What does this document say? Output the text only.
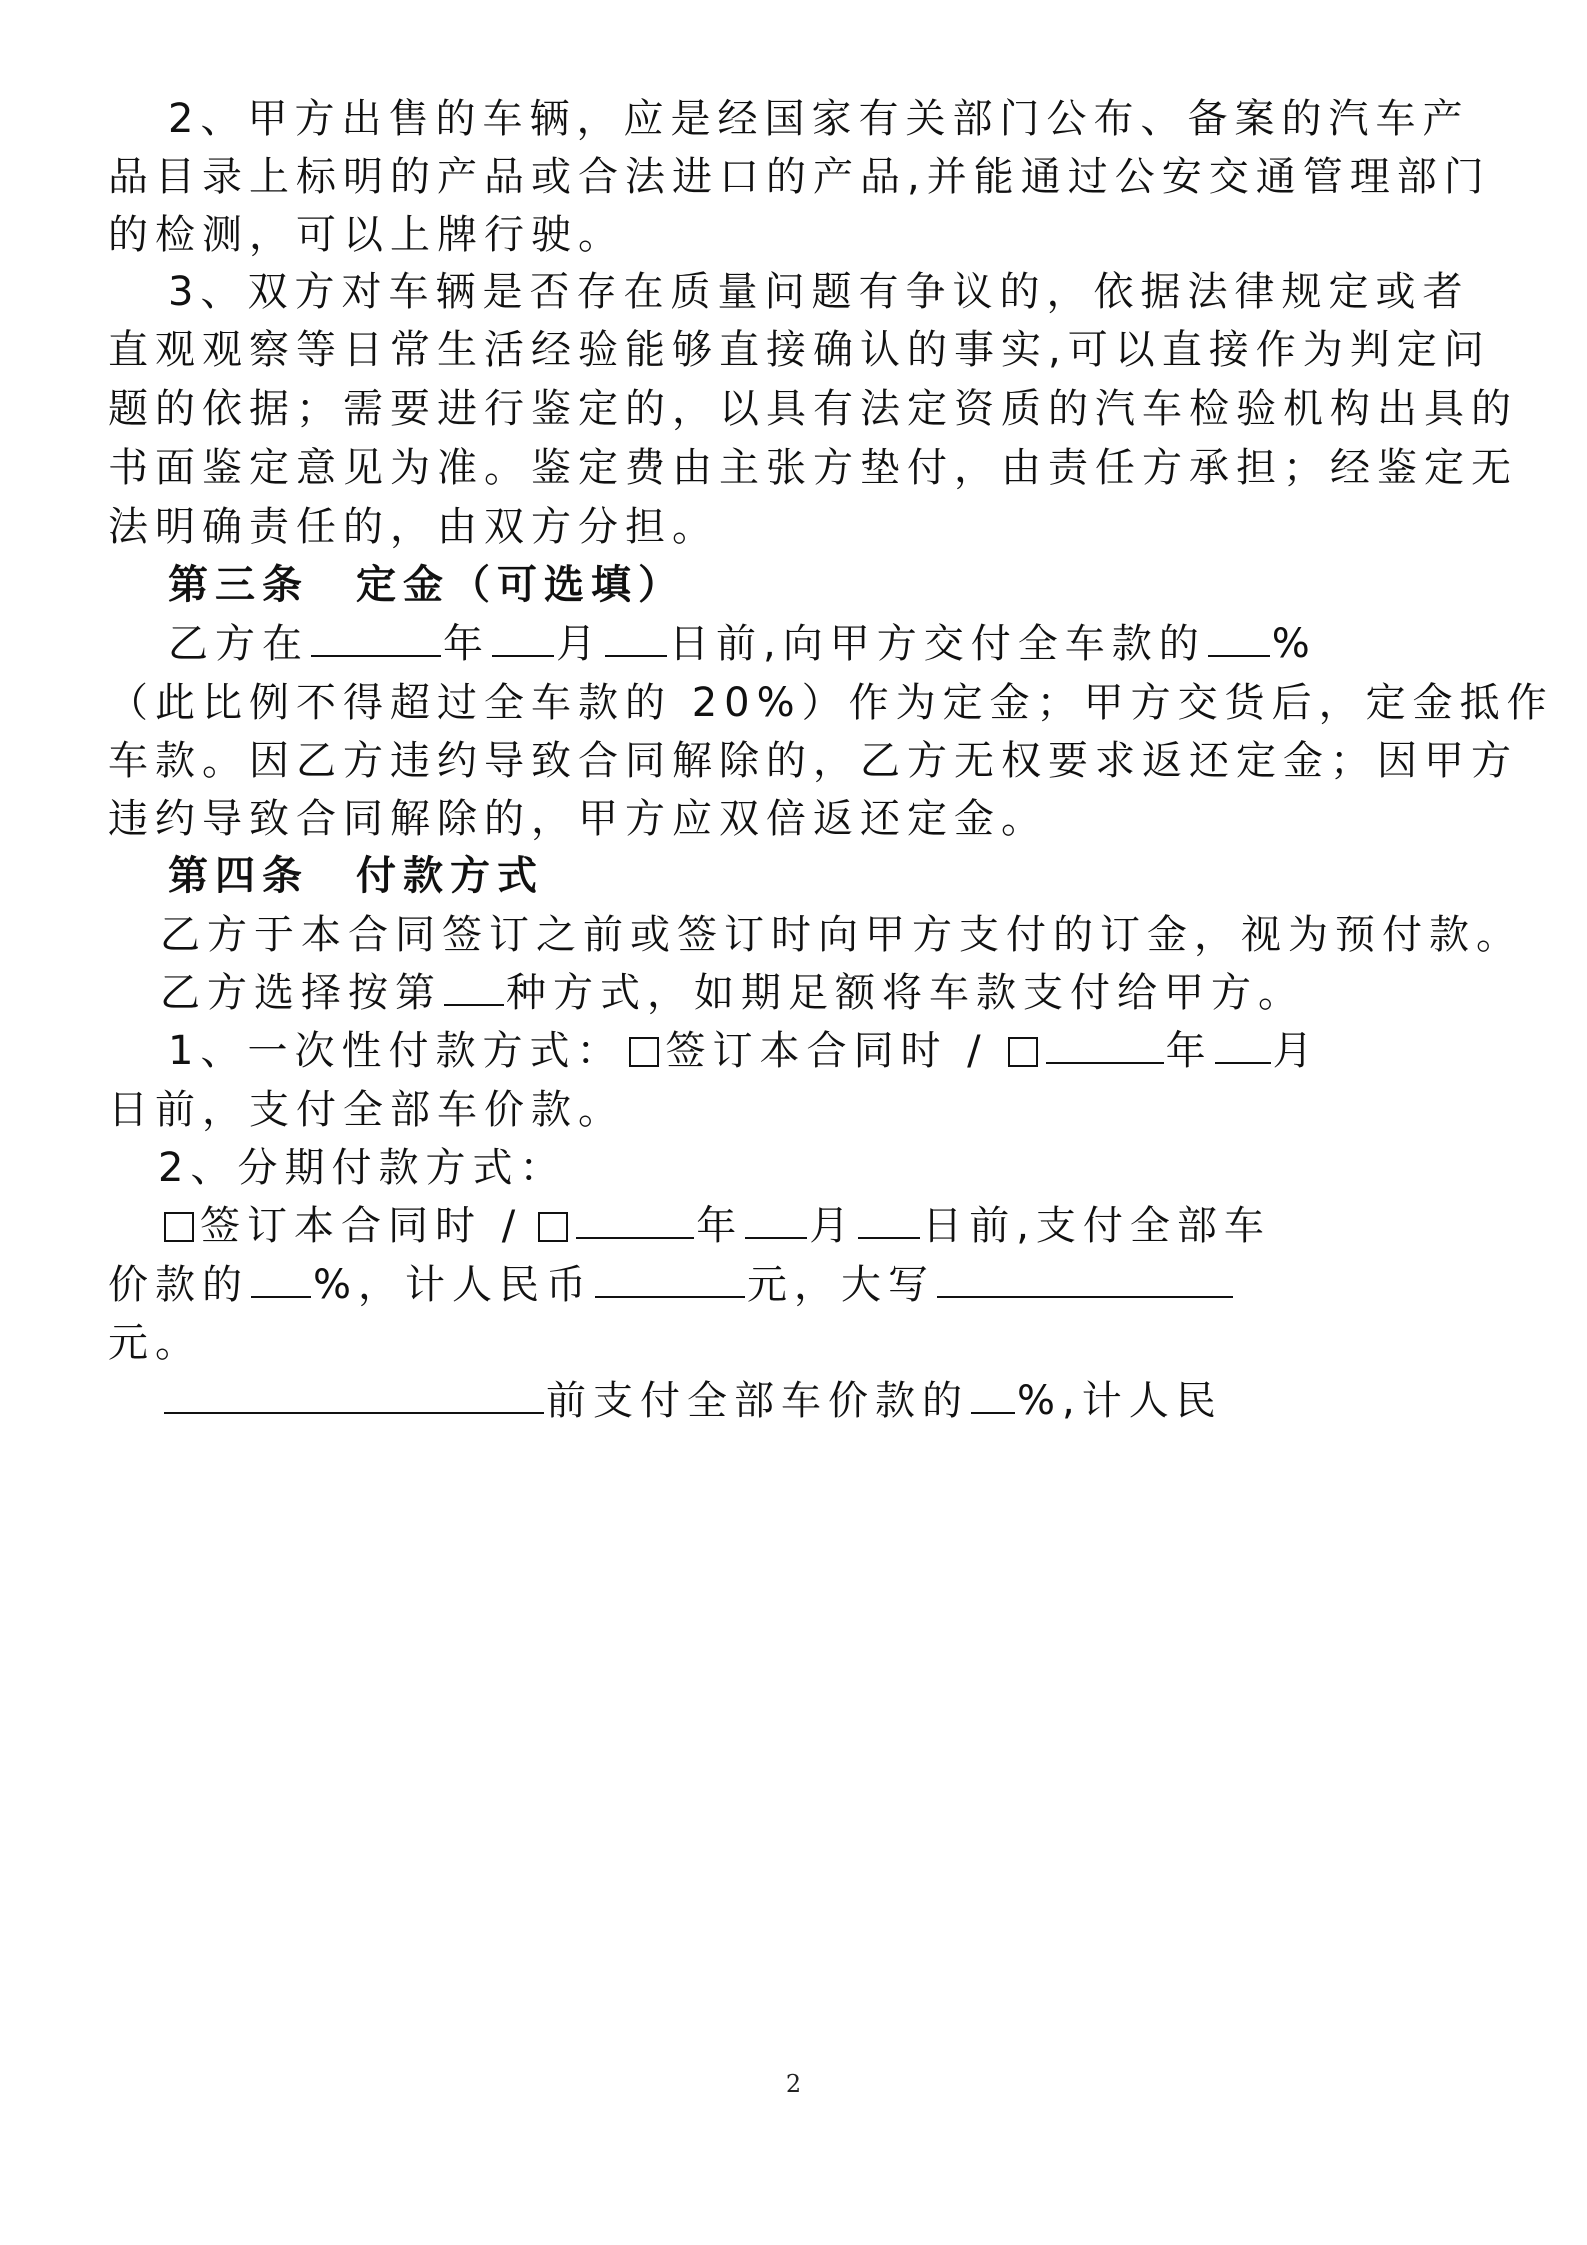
2、甲方出售的车辆，应是经国家有关部门公布、备案的汽车产
品目录上标明的产品或合法进口的产品,并能通过公安交通管理部门
的检测，可以上牌行驶。
3、双方对车辆是否存在质量问题有争议的，依据法律规定或者
直观观察等日常生活经验能够直接确认的事实,可以直接作为判定问
题的依据；需要进行鉴定的，以具有法定资质的汽车检验机构出具的
书面鉴定意见为准。鉴定费由主张方垫付，由责任方承担；经鉴定无
法明确责任的，由双方分担。
第三条　定金（可选填）
乙方在	年 月 日前,向甲方交付全车款的 %
（此比例不得超过全车款的 20%）作为定金；甲方交货后，定金抵作
车款。因乙方违约导致合同解除的，乙方无权要求返还定金；因甲方
违约导致合同解除的，甲方应双倍返还定金。
第四条　付款方式
乙方于本合同签订之前或签订时向甲方支付的订金，视为预付款。
乙方选择按第 种方式，如期足额将车款支付给甲方。
1、一次性付款方式： 签订本合同时 /	年 月
日前，支付全部车价款。
2、分期付款方式：
签订本合同时 /	年 月 日前,支付全部车
价款的 %，计人民币	元，大写
元。
前支付全部车价款的 %,计人民
2
